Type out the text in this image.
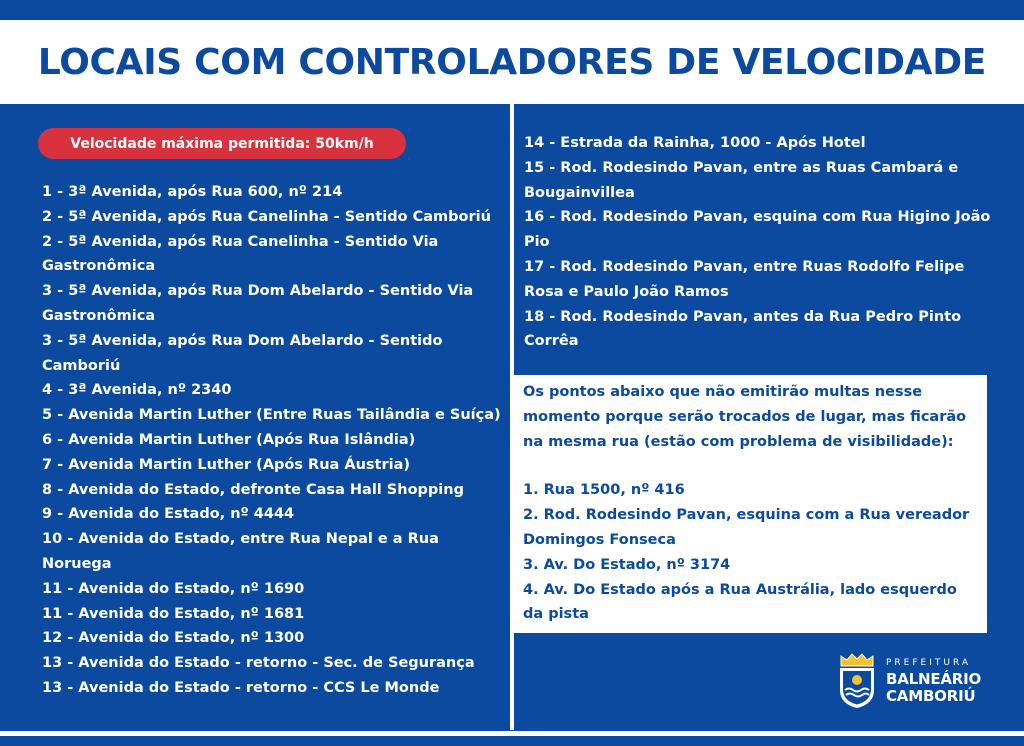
LOCAIS COM CONTROLADORES DE VELOCIDADE
Velocidade máxima permitida: 50km/h
1 - 3ª Avenida, após Rua 600, nº 214
2 - 5ª Avenida, após Rua Canelinha - Sentido Camboriú
2 - 5ª Avenida, após Rua Canelinha - Sentido Via Gastronômica
3 - 5ª Avenida, após Rua Dom Abelardo - Sentido Via Gastronômica
3 - 5ª Avenida, após Rua Dom Abelardo - Sentido Camboriú
4 - 3ª Avenida, nº 2340
5 - Avenida Martin Luther (Entre Ruas Tailândia e Suíça)
6 - Avenida Martin Luther (Após Rua Islândia)
7 - Avenida Martin Luther (Após Rua Áustria)
8 - Avenida do Estado, defronte Casa Hall Shopping
9 - Avenida do Estado, nº 4444
10 - Avenida do Estado, entre Rua Nepal e a Rua Noruega
11 - Avenida do Estado, nº 1690
11 - Avenida do Estado, nº 1681
12 - Avenida do Estado, nº 1300
13 - Avenida do Estado - retorno - Sec. de Segurança
13 - Avenida do Estado - retorno - CCS Le Monde
14 - Estrada da Rainha, 1000 - Após Hotel
15 - Rod. Rodesindo Pavan, entre as Ruas Cambará e Bougainvillea
16 - Rod. Rodesindo Pavan, esquina com Rua Higino João Pio
17 - Rod. Rodesindo Pavan, entre Ruas Rodolfo Felipe Rosa e Paulo João Ramos
18 - Rod. Rodesindo Pavan, antes da Rua Pedro Pinto Corrêa

Os pontos abaixo que não emitirão multas nesse momento porque serão trocados de lugar, mas ficarão na mesma rua (estão com problema de visibilidade):

1. Rua 1500, nº 416
2. Rod. Rodesindo Pavan, esquina com a Rua vereador Domingos Fonseca
3. Av. Do Estado, nº 3174
4. Av. Do Estado após a Rua Austrália, lado esquerdo da pista
PREFEITURA
BALNEÁRIO
CAMBORIÚ
